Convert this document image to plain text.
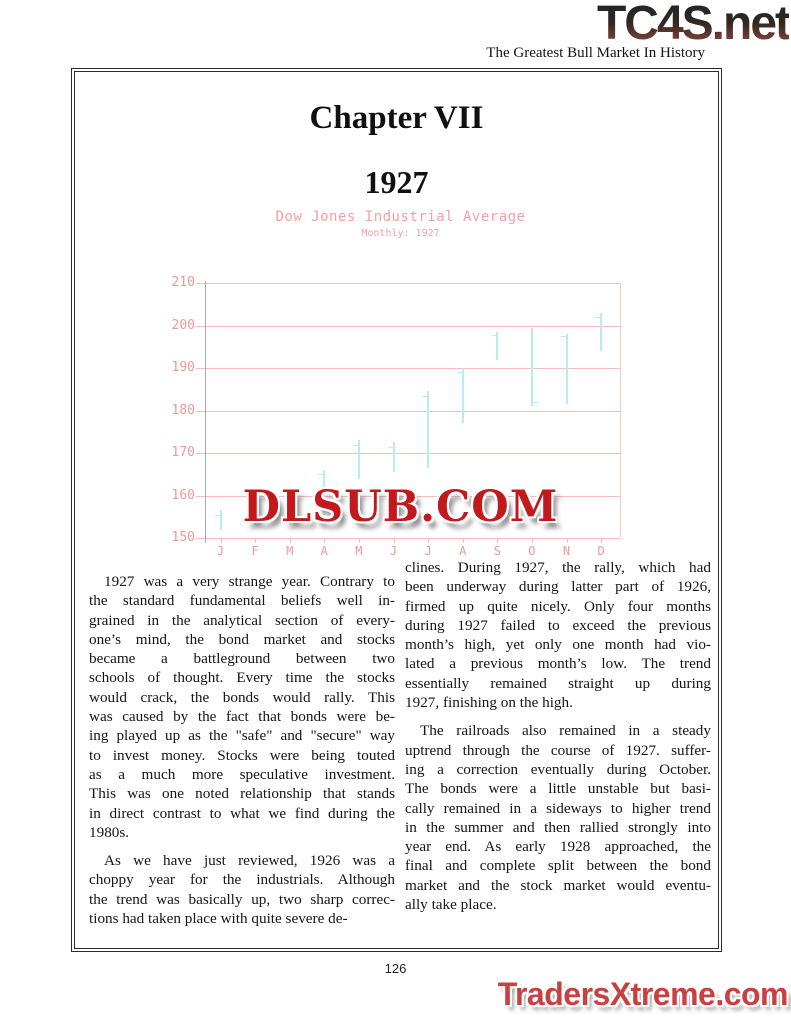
TC4S.net
The Greatest Bull Market In History
Chapter VII
1927
Dow Jones Industrial Average
Monthly: 1927
150
160
170
180
190
200
210
J	F	M	A	M	J	J	A	S	O	N	D
DLSUB.COM
1927 was a very strange year. Contrary to
the standard fundamental beliefs well in-
grained in the analytical section of every-
one’s mind, the bond market and stocks
became a battleground between two
schools of thought. Every time the stocks
would crack, the bonds would rally. This
was caused by the fact that bonds were be-
ing played up as the "safe" and "secure" way
to invest money. Stocks were being touted
as a much more speculative investment.
This was one noted relationship that stands
in direct contrast to what we find during the
1980s.
As we have just reviewed, 1926 was a
choppy year for the industrials. Although
the trend was basically up, two sharp correc-
tions had taken place with quite severe de-
clines. During 1927, the rally, which had
been underway during latter part of 1926,
firmed up quite nicely. Only four months
during 1927 failed to exceed the previous
month’s high, yet only one month had vio-
lated a previous month’s low. The trend
essentially remained straight up during
1927, finishing on the high.
The railroads also remained in a steady
uptrend through the course of 1927. suffer-
ing a correction eventually during October.
The bonds were a little unstable but basi-
cally remained in a sideways to higher trend
in the summer and then rallied strongly into
year end. As early 1928 approached, the
final and complete split between the bond
market and the stock market would eventu-
ally take place.
126
TradersXtreme.com
